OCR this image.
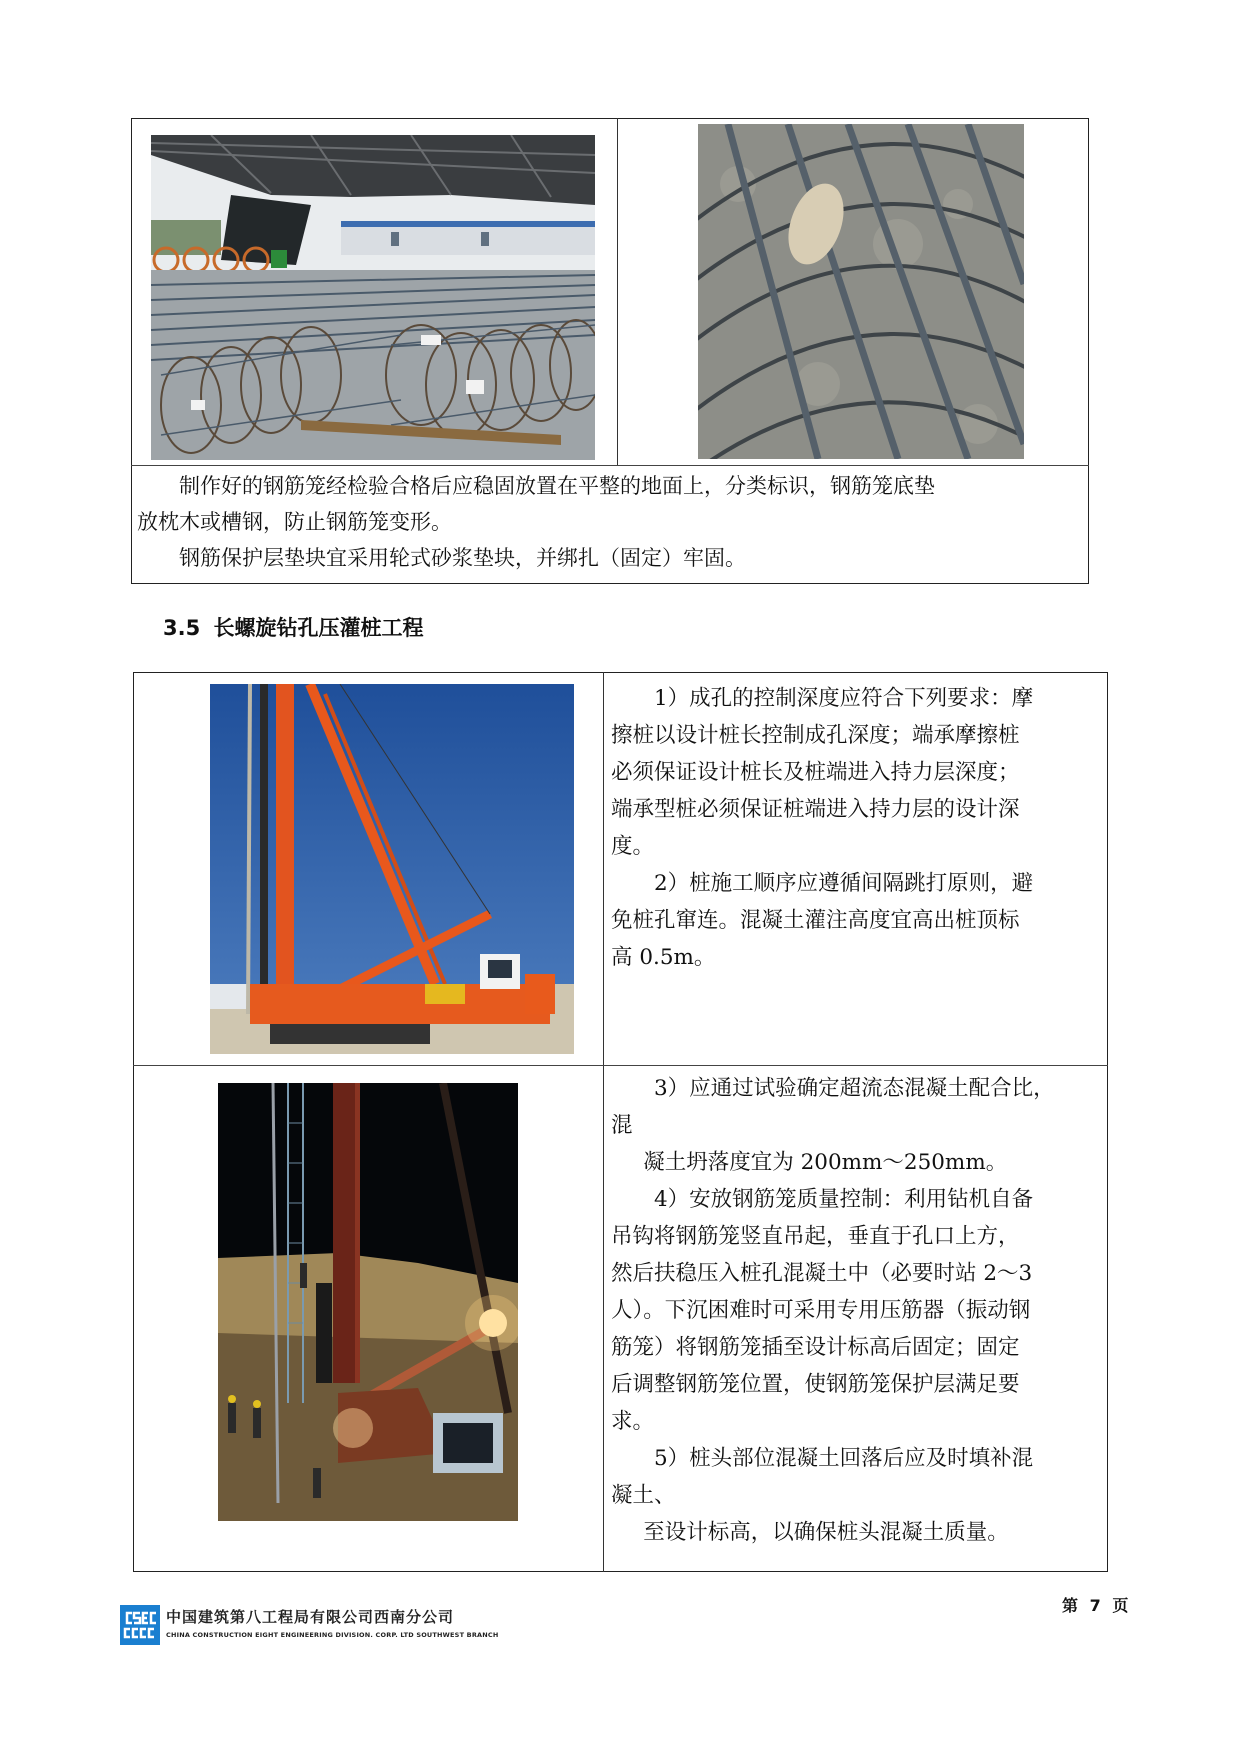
制作好的钢筋笼经检验合格后应稳固放置在平整的地面上，分类标识，钢筋笼底垫

放枕木或槽钢，防止钢筋笼变形。

钢筋保护层垫块宜采用轮式砂浆垫块，并绑扎（固定）牢固。

3.5 长螺旋钻孔压灌桩工程

1）成孔的控制深度应符合下列要求：摩

擦桩以设计桩长控制成孔深度；端承摩擦桩

必须保证设计桩长及桩端进入持力层深度；

端承型桩必须保证桩端进入持力层的设计深

度。

2）桩施工顺序应遵循间隔跳打原则，避

免桩孔窜连。混凝土灌注高度宜高出桩顶标

高 0.5m。

3）应通过试验确定超流态混凝土配合比，

混

凝土坍落度宜为 200mm～250mm。

4）安放钢筋笼质量控制：利用钻机自备

吊钩将钢筋笼竖直吊起，垂直于孔口上方，

然后扶稳压入桩孔混凝土中（必要时站 2～3

人）。下沉困难时可采用专用压筋器（振动钢

筋笼）将钢筋笼插至设计标高后固定；固定

后调整钢筋笼位置，使钢筋笼保护层满足要

求。

5）桩头部位混凝土回落后应及时填补混

凝土、

至设计标高，以确保桩头混凝土质量。

中国建筑第八工程局有限公司西南分公司
CHINA CONSTRUCTION EIGHT ENGINEERING DIVISION. CORP. LTD SOUTHWEST BRANCH
第 7 页
